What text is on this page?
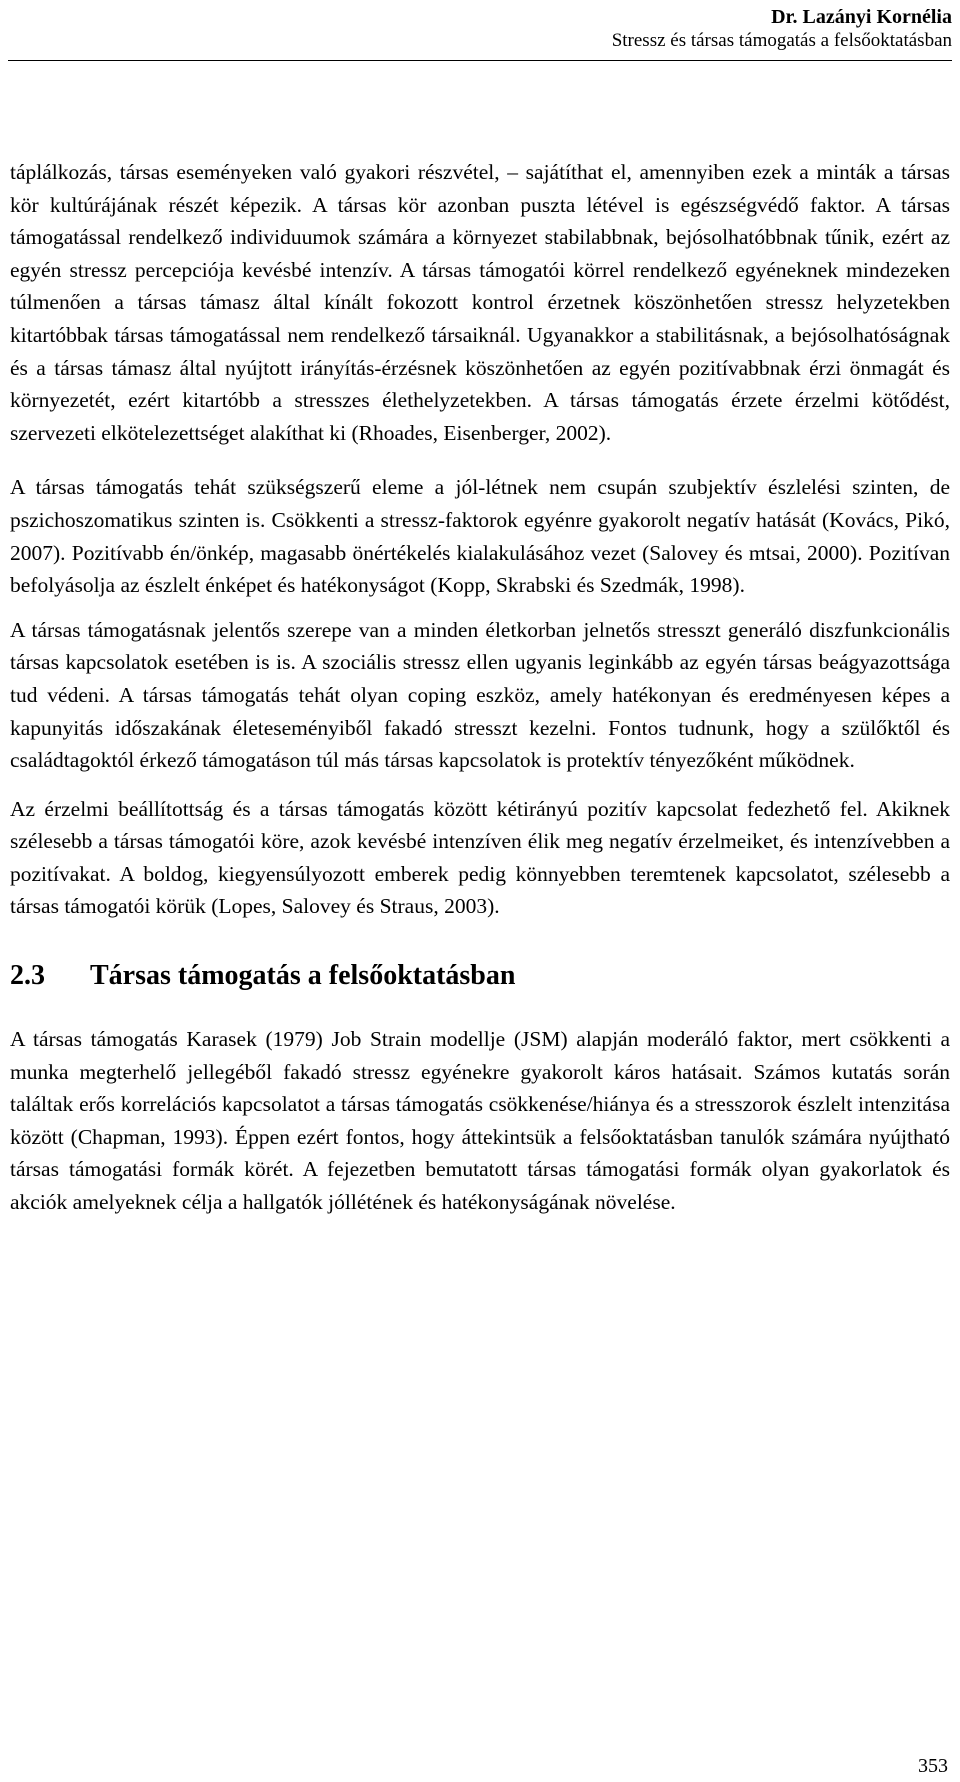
Dr. Lazányi Kornélia
Stressz és társas támogatás a felsőoktatásban

táplálkozás, társas eseményeken való gyakori részvétel, – sajátíthat el, amennyiben ezek a minták a társas kör kultúrájának részét képezik. A társas kör azonban puszta létével is egészségvédő faktor. A társas támogatással rendelkező individuumok számára a környezet stabilabbnak, bejósolhatóbbnak tűnik, ezért az egyén stressz percepciója kevésbé intenzív. A társas támogatói körrel rendelkező egyéneknek mindezeken túlmenően a társas támasz által kínált fokozott kontrol érzetnek köszönhetően stressz helyzetekben kitartóbbak társas támogatással nem rendelkező társaiknál. Ugyanakkor a stabilitásnak, a bejósolhatóságnak és a társas támasz által nyújtott irányítás-érzésnek köszönhetően az egyén pozitívabbnak érzi önmagát és környezetét, ezért kitartóbb a stresszes élethelyzetekben. A társas támogatás érzete érzelmi kötődést, szervezeti elkötelezettséget alakíthat ki (Rhoades, Eisenberger, 2002).

A társas támogatás tehát szükségszerű eleme a jól-létnek nem csupán szubjektív észlelési szinten, de pszichoszomatikus szinten is. Csökkenti a stressz-faktorok egyénre gyakorolt negatív hatását (Kovács, Pikó, 2007). Pozitívabb én/önkép, magasabb önértékelés kialakulásához vezet (Salovey és mtsai, 2000). Pozitívan befolyásolja az észlelt énképet és hatékonyságot (Kopp, Skrabski és Szedmák, 1998).

A társas támogatásnak jelentős szerepe van a minden életkorban jelnetős stresszt generáló diszfunkcionális társas kapcsolatok esetében is is. A szociális stressz ellen ugyanis leginkább az egyén társas beágyazottsága tud védeni. A társas támogatás tehát olyan coping eszköz, amely hatékonyan és eredményesen képes a kapunyitás időszakának életeseményiből fakadó stresszt kezelni. Fontos tudnunk, hogy a szülőktől és családtagoktól érkező támogatáson túl más társas kapcsolatok is protektív tényezőként működnek.

Az érzelmi beállítottság és a társas támogatás között kétirányú pozitív kapcsolat fedezhető fel. Akiknek szélesebb a társas támogatói köre, azok kevésbé intenzíven élik meg negatív érzelmeiket, és intenzívebben a pozitívakat. A boldog, kiegyensúlyozott emberek pedig könnyebben teremtenek kapcsolatot, szélesebb a társas támogatói körük (Lopes, Salovey és Straus, 2003).

2.3 Társas támogatás a felsőoktatásban

A társas támogatás Karasek (1979) Job Strain modellje (JSM) alapján moderáló faktor, mert csökkenti a munka megterhelő jellegéből fakadó stressz egyénekre gyakorolt káros hatásait. Számos kutatás során találtak erős korrelációs kapcsolatot a társas támogatás csökkenése/hiánya és a stresszorok észlelt intenzitása között (Chapman, 1993). Éppen ezért fontos, hogy áttekintsük a felsőoktatásban tanulók számára nyújtható társas támogatási formák körét. A fejezetben bemutatott társas támogatási formák olyan gyakorlatok és akciók amelyeknek célja a hallgatók jóllétének és hatékonyságának növelése.

353
